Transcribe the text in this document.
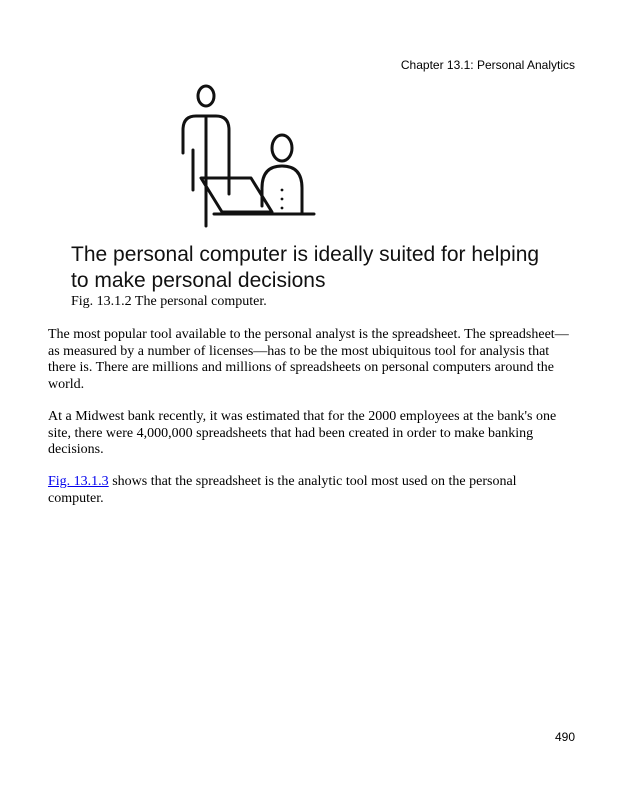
Chapter 13.1: Personal Analytics
The personal computer is ideally suited for helping to make personal decisions
Fig. 13.1.2 The personal computer.

The most popular tool available to the personal analyst is the spreadsheet. The spreadsheet—as measured by a number of licenses—has to be the most ubiquitous tool for analysis that there is. There are millions and millions of spreadsheets on personal computers around the world.

At a Midwest bank recently, it was estimated that for the 2000 employees at the bank's one site, there were 4,000,000 spreadsheets that had been created in order to make banking decisions.

Fig. 13.1.3 shows that the spreadsheet is the analytic tool most used on the personal computer.

490
